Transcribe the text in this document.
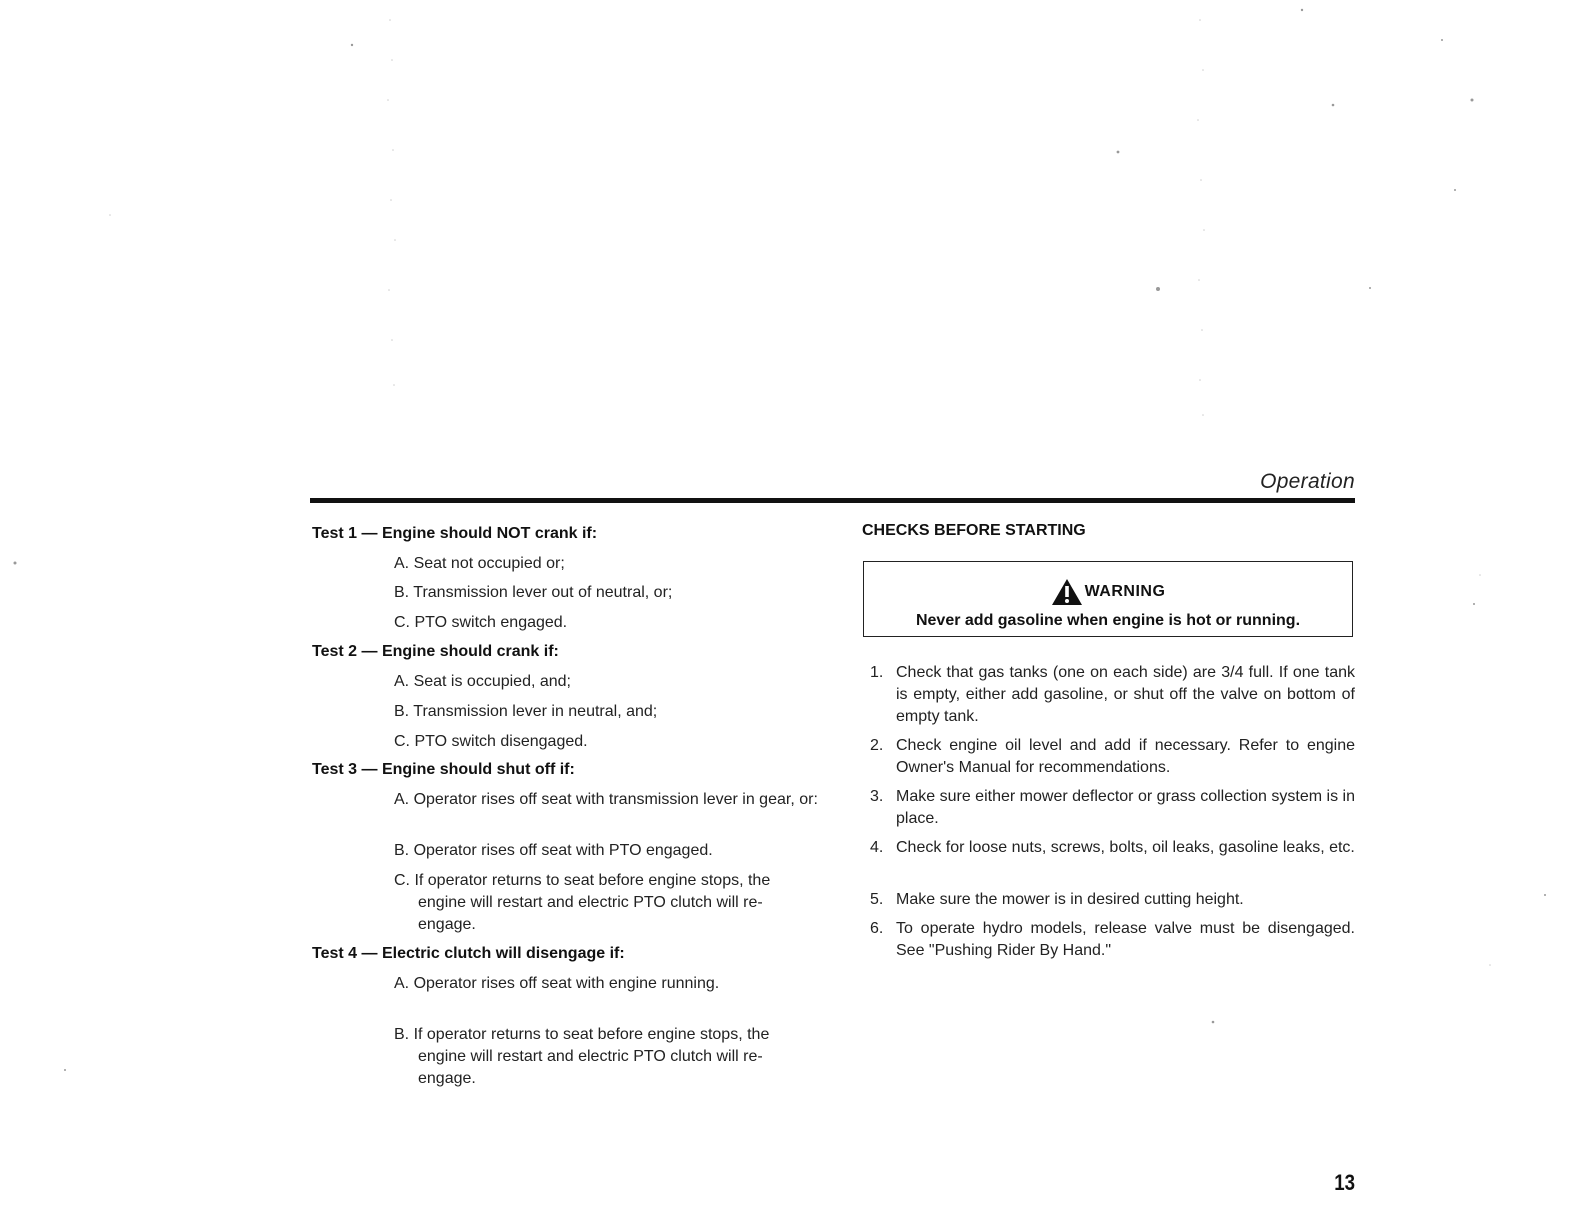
Operation
Test 1 — Engine should NOT crank if:
A. Seat not occupied or;
B. Transmission lever out of neutral, or;
C. PTO switch engaged.
Test 2 — Engine should crank if:
A. Seat is occupied, and;
B. Transmission lever in neutral, and;
C. PTO switch disengaged.
Test 3 — Engine should shut off if:
A. Operator rises off seat with transmission lever in gear, or:
B. Operator rises off seat with PTO engaged.
C. If operator returns to seat before engine stops, the engine will restart and electric PTO clutch will re-engage.
Test 4 — Electric clutch will disengage if:
A. Operator rises off seat with engine running.
B. If operator returns to seat before engine stops, the engine will restart and electric PTO clutch will re-engage.
CHECKS BEFORE STARTING
WARNING
Never add gasoline when engine is hot or running.
1. Check that gas tanks (one on each side) are 3/4 full. If one tank is empty, either add gasoline, or shut off the valve on bottom of empty tank.
2. Check engine oil level and add if necessary. Refer to engine Owner's Manual for recommendations.
3. Make sure either mower deflector or grass collection system is in place.
4. Check for loose nuts, screws, bolts, oil leaks, gasoline leaks, etc.
5. Make sure the mower is in desired cutting height.
6. To operate hydro models, release valve must be disengaged. See "Pushing Rider By Hand."
13
